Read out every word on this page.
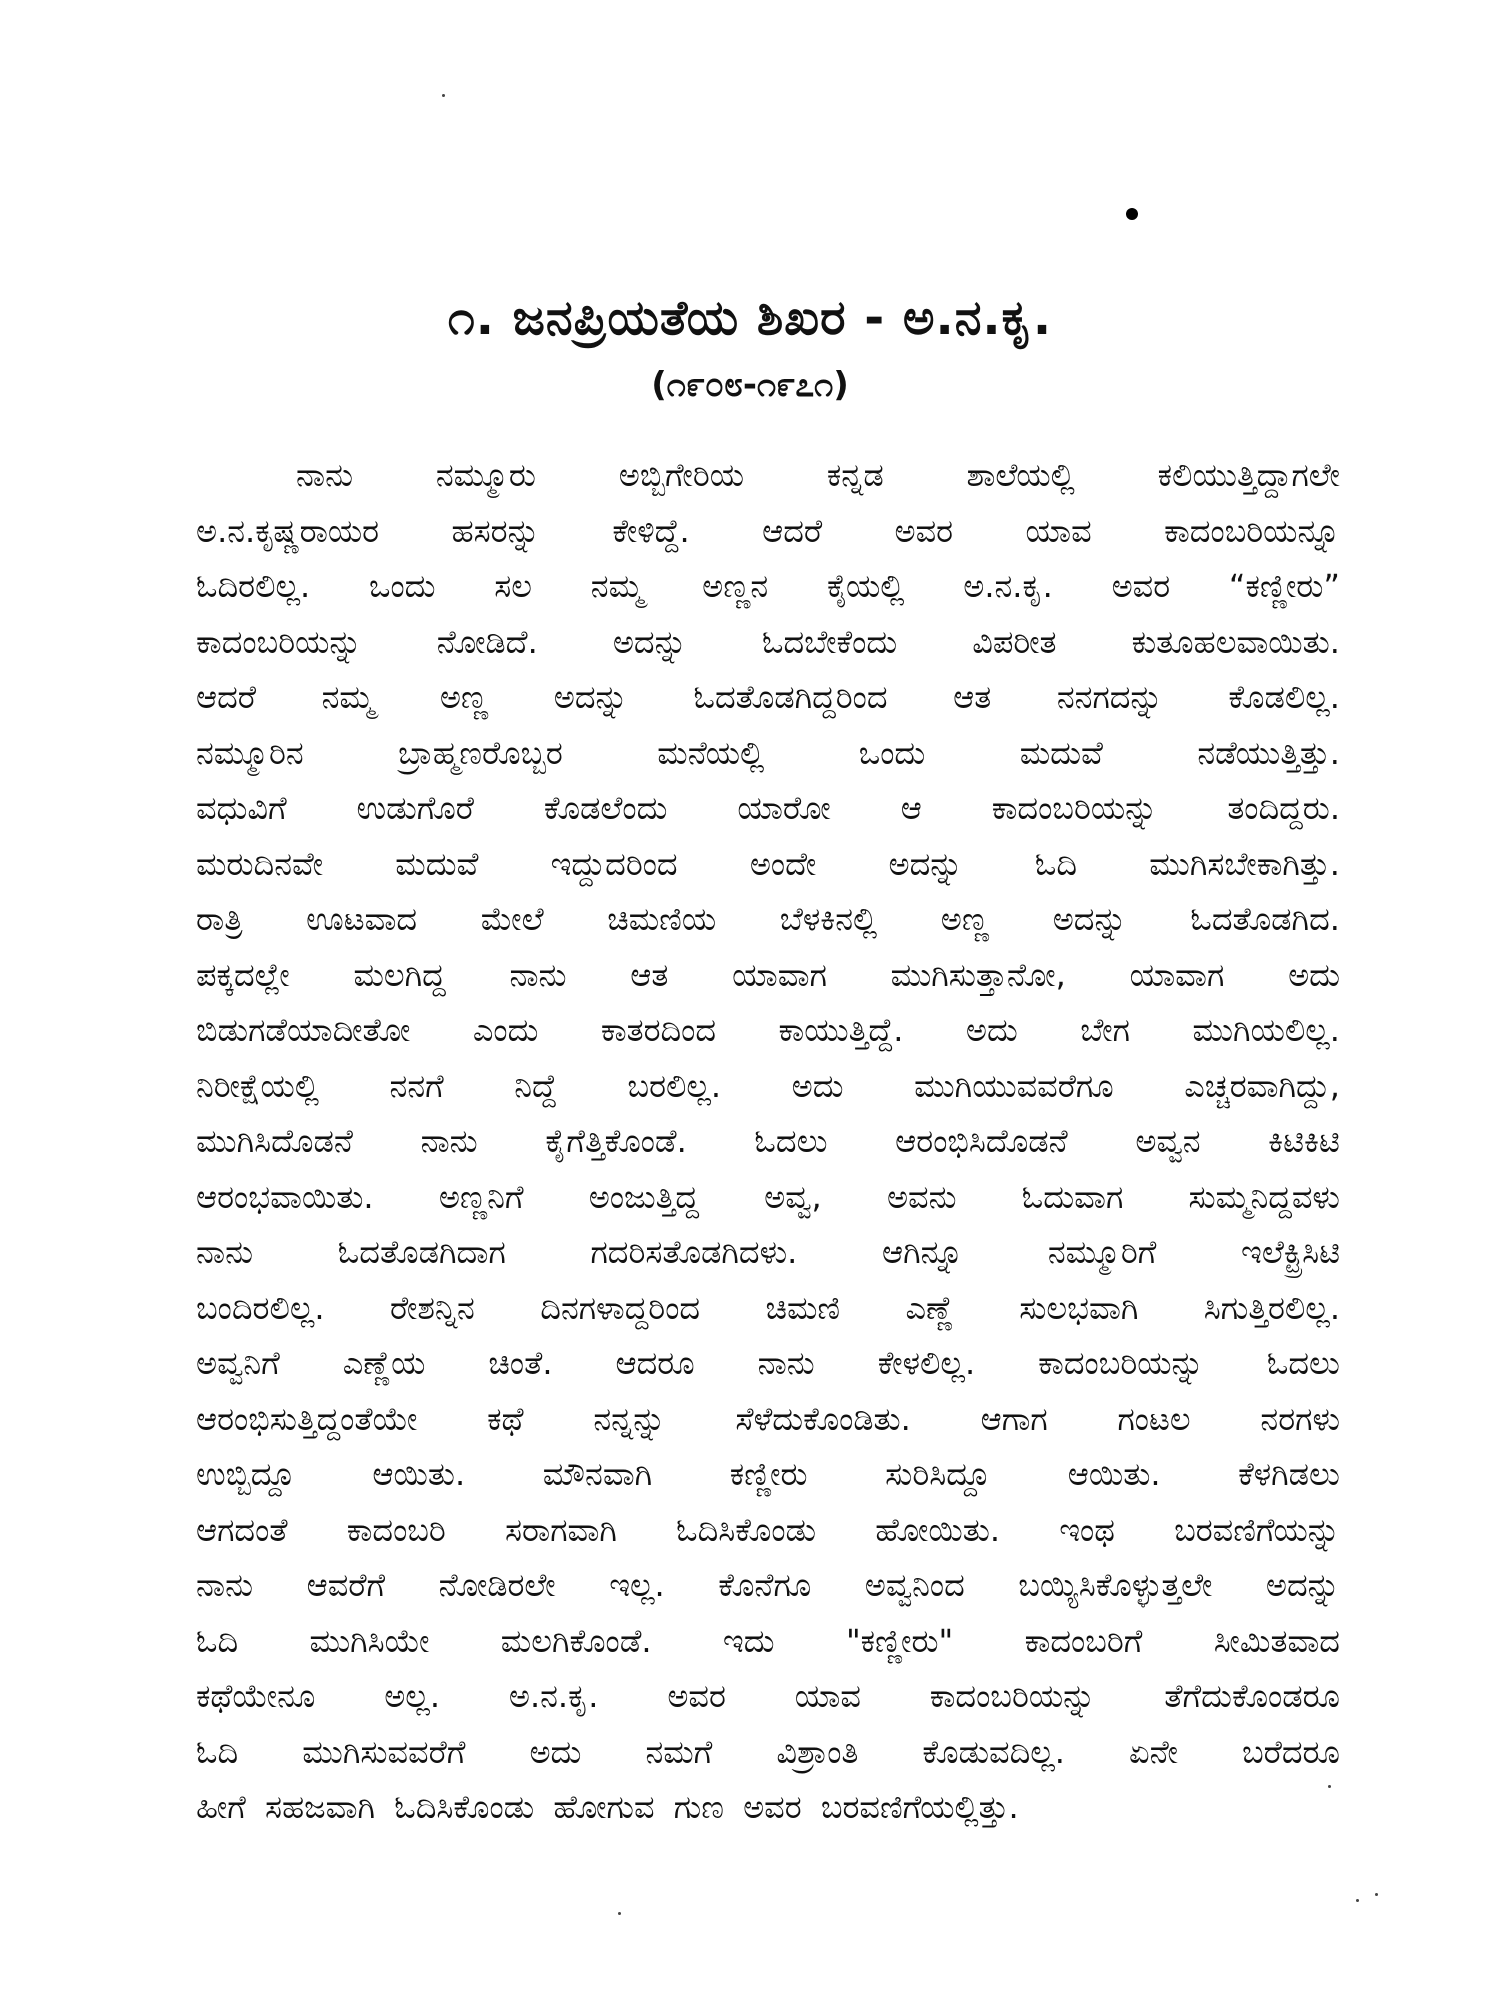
೧. ಜನಪ್ರಿಯತೆಯ ಶಿಖರ - ಅ.ನ.ಕೃ.
(೧೯೦೮-೧೯೭೧)
ನಾನು	ನಮ್ಮೂರು	ಅಬ್ಬಿಗೇರಿಯ	ಕನ್ನಡ	ಶಾಲೆಯಲ್ಲಿ	ಕಲಿಯುತ್ತಿದ್ದಾಗಲೇ
ಅ.ನ.ಕೃಷ್ಣರಾಯರ ಹಸರನ್ನು ಕೇಳಿದ್ದೆ. ಆದರೆ ಅವರ ಯಾವ ಕಾದಂಬರಿಯನ್ನೂ
ಓದಿರಲಿಲ್ಲ. ಒಂದು ಸಲ ನಮ್ಮ ಅಣ್ಣನ ಕೈಯಲ್ಲಿ ಅ.ನ.ಕೃ. ಅವರ “ಕಣ್ಣೀರು”
ಕಾದಂಬರಿಯನ್ನು ನೋಡಿದೆ. ಅದನ್ನು ಓದಬೇಕೆಂದು ವಿಪರೀತ ಕುತೂಹಲವಾಯಿತು.
ಆದರೆ ನಮ್ಮ ಅಣ್ಣ ಅದನ್ನು ಓದತೊಡಗಿದ್ದರಿಂದ ಆತ ನನಗದನ್ನು ಕೊಡಲಿಲ್ಲ.
ನಮ್ಮೂರಿನ	ಬ್ರಾಹ್ಮಣರೊಬ್ಬರ	ಮನೆಯಲ್ಲಿ	ಒಂದು	ಮದುವೆ	ನಡೆಯುತ್ತಿತ್ತು.
ವಧುವಿಗೆ ಉಡುಗೊರೆ ಕೊಡಲೆಂದು ಯಾರೋ ಆ ಕಾದಂಬರಿಯನ್ನು ತಂದಿದ್ದರು.
ಮರುದಿನವೇ ಮದುವೆ ಇದ್ದುದರಿಂದ ಅಂದೇ ಅದನ್ನು ಓದಿ ಮುಗಿಸಬೇಕಾಗಿತ್ತು.
ರಾತ್ರಿ ಊಟವಾದ ಮೇಲೆ ಚಿಮಣಿಯ ಬೆಳಕಿನಲ್ಲಿ ಅಣ್ಣ ಅದನ್ನು ಓದತೊಡಗಿದ.
ಪಕ್ಕದಲ್ಲೇ ಮಲಗಿದ್ದ ನಾನು ಆತ ಯಾವಾಗ ಮುಗಿಸುತ್ತಾನೋ, ಯಾವಾಗ ಅದು
ಬಿಡುಗಡೆಯಾದೀತೋ ಎಂದು ಕಾತರದಿಂದ ಕಾಯುತ್ತಿದ್ದೆ. ಅದು ಬೇಗ ಮುಗಿಯಲಿಲ್ಲ.
ನಿರೀಕ್ಷೆಯಲ್ಲಿ ನನಗೆ ನಿದ್ದೆ ಬರಲಿಲ್ಲ. ಅದು ಮುಗಿಯುವವರೆಗೂ ಎಚ್ಚರವಾಗಿದ್ದು,
ಮುಗಿಸಿದೊಡನೆ ನಾನು ಕೈಗೆತ್ತಿಕೊಂಡೆ. ಓದಲು ಆರಂಭಿಸಿದೊಡನೆ ಅವ್ವನ ಕಿಟಿಕಿಟಿ
ಆರಂಭವಾಯಿತು. ಅಣ್ಣನಿಗೆ ಅಂಜುತ್ತಿದ್ದ ಅವ್ವ, ಅವನು ಓದುವಾಗ ಸುಮ್ಮನಿದ್ದವಳು
ನಾನು	ಓದತೊಡಗಿದಾಗ	ಗದರಿಸತೊಡಗಿದಳು.	ಆಗಿನ್ನೂ	ನಮ್ಮೂರಿಗೆ	ಇಲೆಕ್ಟ್ರಿಸಿಟಿ
ಬಂದಿರಲಿಲ್ಲ. ರೇಶನ್ನಿನ ದಿನಗಳಾದ್ದರಿಂದ ಚಿಮಣಿ ಎಣ್ಣೆ ಸುಲಭವಾಗಿ ಸಿಗುತ್ತಿರಲಿಲ್ಲ.
ಅವ್ವನಿಗೆ ಎಣ್ಣೆಯ ಚಿಂತೆ. ಆದರೂ ನಾನು ಕೇಳಲಿಲ್ಲ. ಕಾದಂಬರಿಯನ್ನು ಓದಲು
ಆರಂಭಿಸುತ್ತಿದ್ದಂತೆಯೇ ಕಥೆ ನನ್ನನ್ನು ಸೆಳೆದುಕೊಂಡಿತು. ಆಗಾಗ ಗಂಟಲ ನರಗಳು
ಉಬ್ಬಿದ್ದೂ ಆಯಿತು. ಮೌನವಾಗಿ ಕಣ್ಣೀರು ಸುರಿಸಿದ್ದೂ ಆಯಿತು. ಕೆಳಗಿಡಲು
ಆಗದಂತೆ ಕಾದಂಬರಿ ಸರಾಗವಾಗಿ ಓದಿಸಿಕೊಂಡು ಹೋಯಿತು. ಇಂಥ ಬರವಣಿಗೆಯನ್ನು
ನಾನು ಆವರೆಗೆ ನೋಡಿರಲೇ ಇಲ್ಲ. ಕೊನೆಗೂ ಅವ್ವನಿಂದ ಬಯ್ಯಿಸಿಕೊಳ್ಳುತ್ತಲೇ ಅದನ್ನು
ಓದಿ ಮುಗಿಸಿಯೇ ಮಲಗಿಕೊಂಡೆ. ಇದು "ಕಣ್ಣೀರು" ಕಾದಂಬರಿಗೆ ಸೀಮಿತವಾದ
ಕಥೆಯೇನೂ ಅಲ್ಲ. ಅ.ನ.ಕೃ. ಅವರ ಯಾವ ಕಾದಂಬರಿಯನ್ನು ತೆಗೆದುಕೊಂಡರೂ
ಓದಿ ಮುಗಿಸುವವರೆಗೆ ಅದು ನಮಗೆ ವಿಶ್ರಾಂತಿ ಕೊಡುವದಿಲ್ಲ. ಏನೇ ಬರೆದರೂ
ಹೀಗೆ ಸಹಜವಾಗಿ ಓದಿಸಿಕೊಂಡು ಹೋಗುವ ಗುಣ ಅವರ ಬರವಣಿಗೆಯಲ್ಲಿತ್ತು.
